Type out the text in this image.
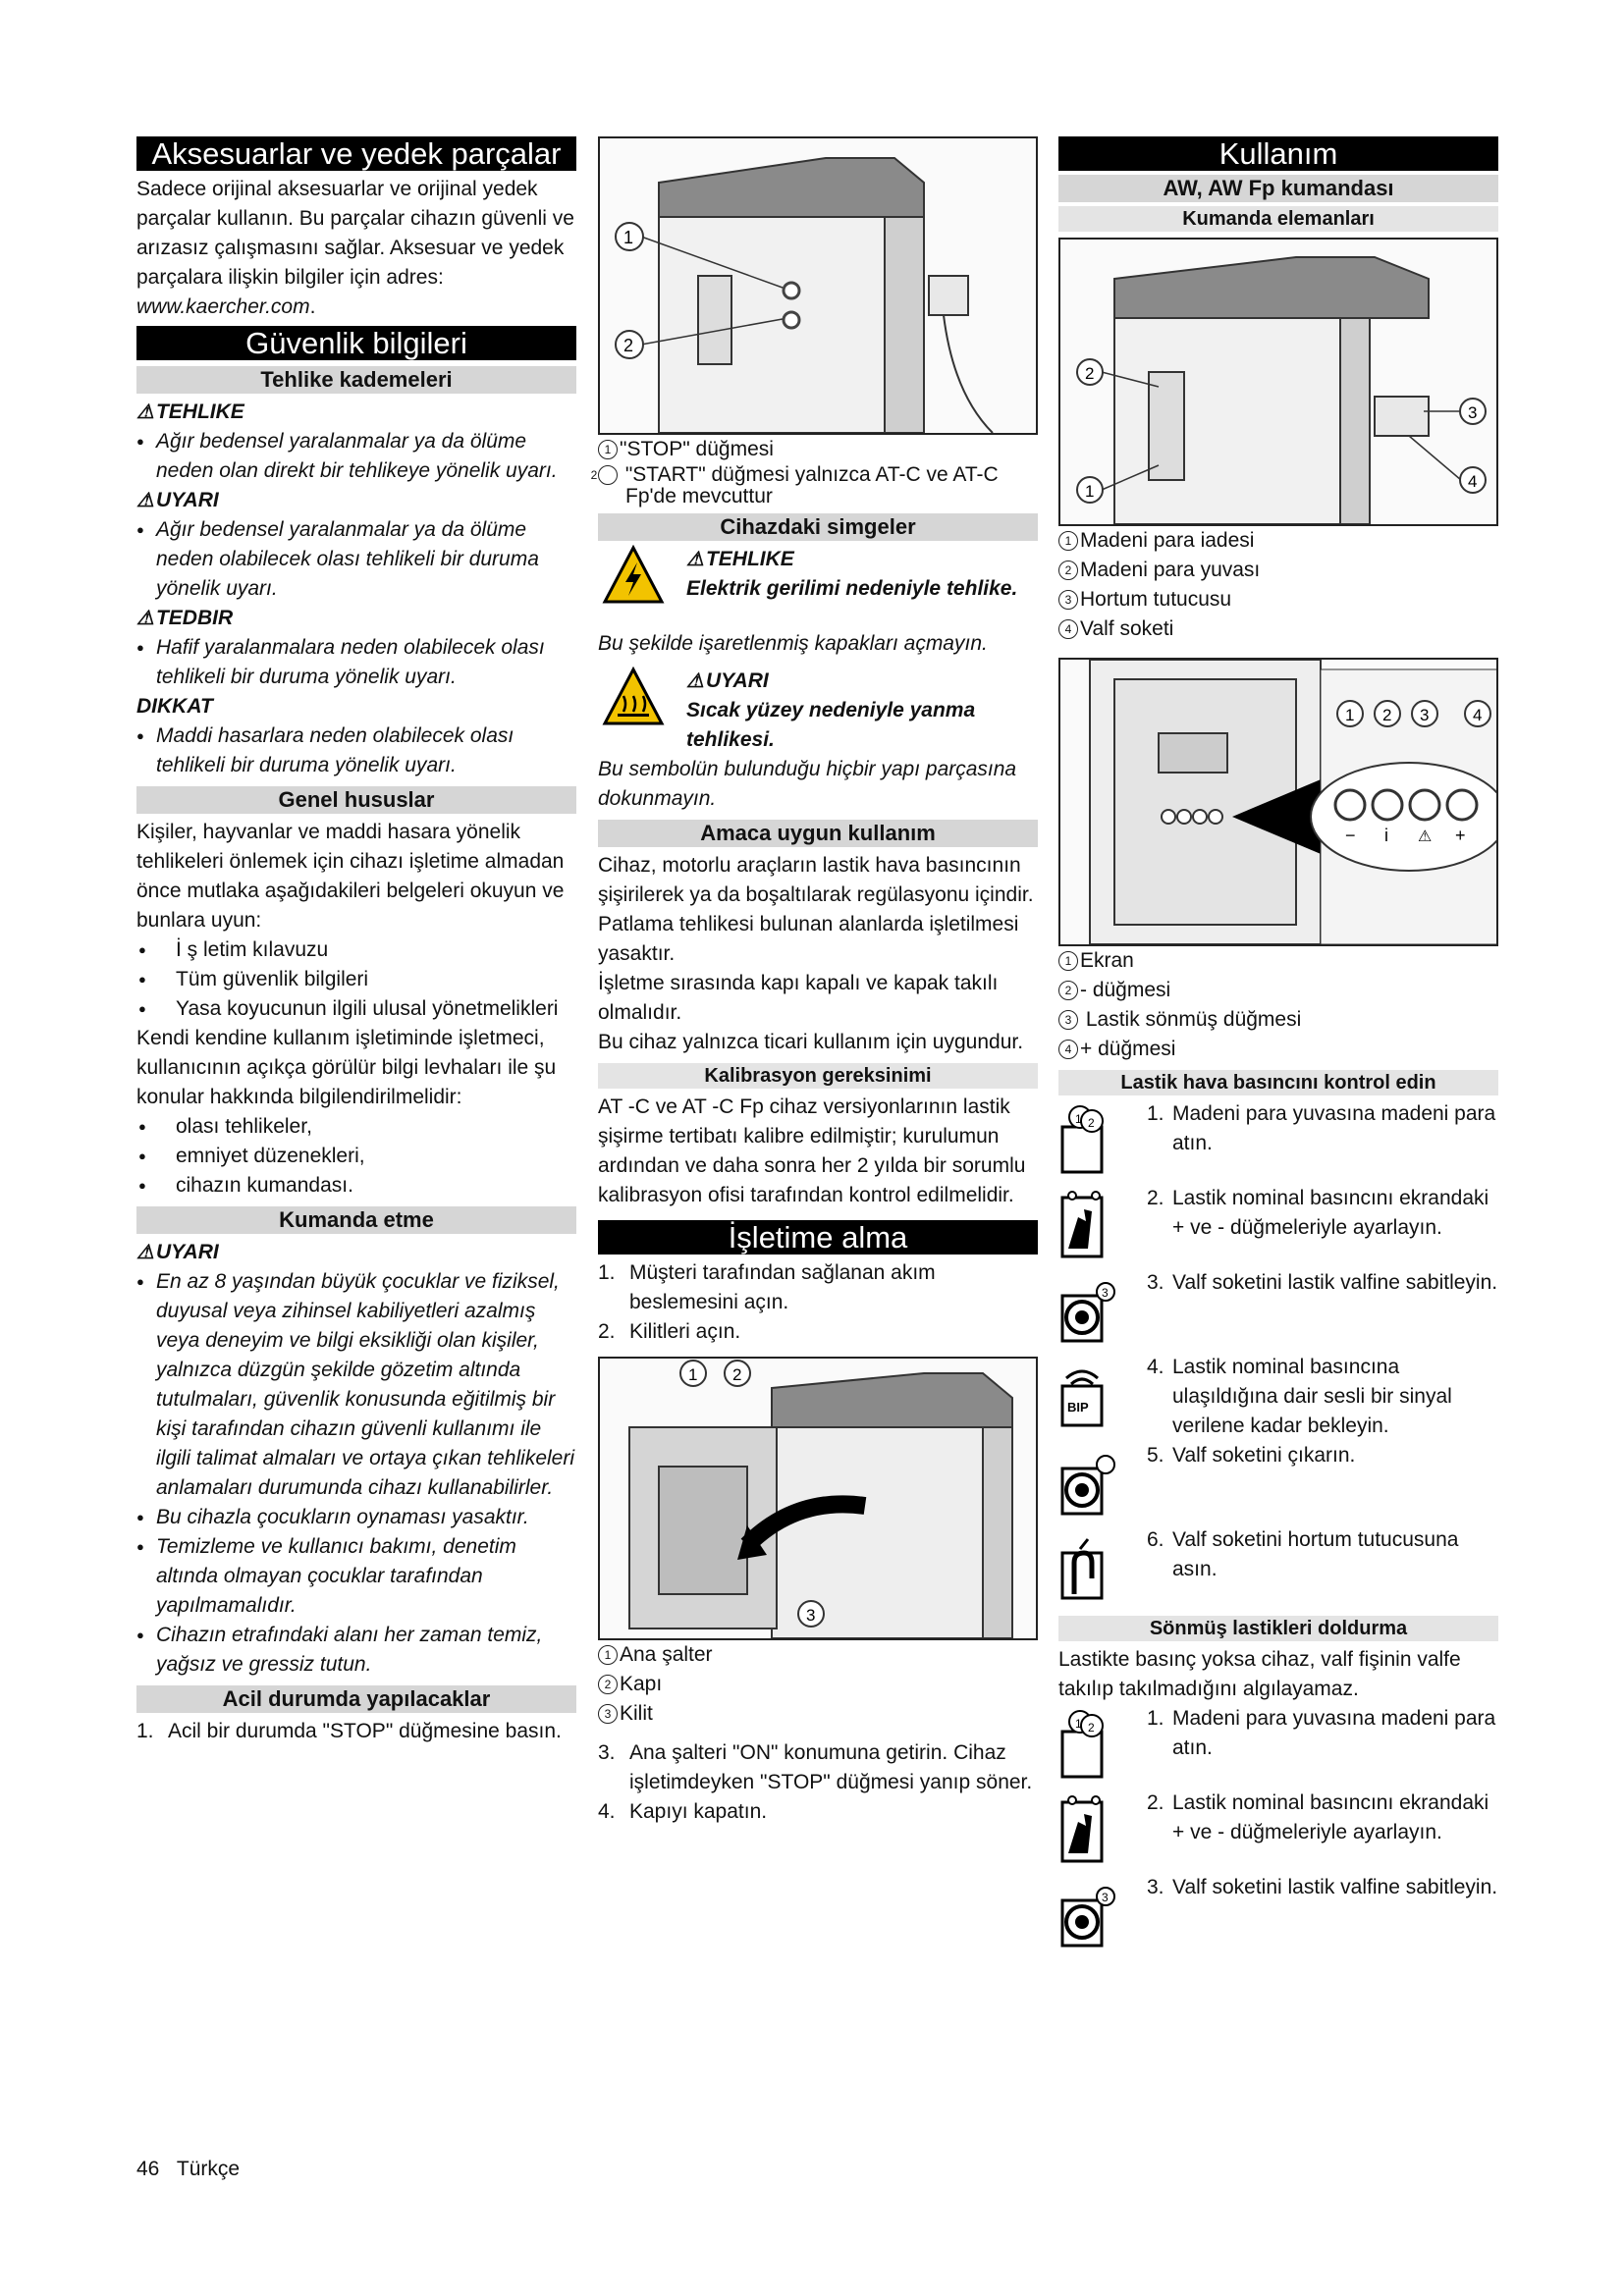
Aksesuarlar ve yedek parçalar

Sadece orijinal aksesuarlar ve orijinal yedek parçalar kullanın. Bu parçalar cihazın güvenli ve arızasız çalışmasını sağlar. Aksesuar ve yedek parçalara ilişkin bilgiler için adres: www.kaercher.com.

Güvenlik bilgileri
Tehlike kademeleri

⚠TEHLIKE

● Ağır bedensel yaralanmalar ya da ölüme neden olan direkt bir tehlikeye yönelik uyarı.

⚠UYARI

● Ağır bedensel yaralanmalar ya da ölüme neden olabilecek olası tehlikeli bir duruma yönelik uyarı.

⚠TEDBIR

● Hafif yaralanmalara neden olabilecek olası tehlikeli bir duruma yönelik uyarı.

DIKKAT

● Maddi hasarlara neden olabilecek olası tehlikeli bir duruma yönelik uyarı.

Genel hususlar

Kişiler, hayvanlar ve maddi hasara yönelik tehlikeleri önlemek için cihazı işletime almadan önce mutlaka aşağıdakileri belgeleri okuyun ve bunlara uyun:

● İ ş letim kılavuzu

● Tüm güvenlik bilgileri

● Yasa koyucunun ilgili ulusal yönetmelikleri

Kendi kendine kullanım işletiminde işletmeci, kullanıcının açıkça görülür bilgi levhaları ile şu konular hakkında bilgilendirilmelidir:

● olası tehlikeler,

● emniyet düzenekleri,

● cihazın kumandası.

Kumanda etme

⚠UYARI

● En az 8 yaşından büyük çocuklar ve fiziksel, duyusal veya zihinsel kabiliyetleri azalmış veya deneyim ve bilgi eksikliği olan kişiler, yalnızca düzgün şekilde gözetim altında tutulmaları, güvenlik konusunda eğitilmiş bir kişi tarafından cihazın güvenli kullanımı ile ilgili talimat almaları ve ortaya çıkan tehlikeleri anlamaları durumunda cihazı kullanabilirler.

● Bu cihazla çocukların oynaması yasaktır.

● Temizleme ve kullanıcı bakımı, denetim altında olmayan çocuklar tarafından yapılmamalıdır.

● Cihazın etrafındaki alanı her zaman temiz, yağsız ve gressiz tutun.

Acil durumda yapılacaklar

1. Acil bir durumda "STOP" düğmesine basın.

1
2

1 "STOP" düğmesi

2 "START" düğmesi yalnızca AT-C ve AT-C Fp'de mevcuttur

Cihazdaki simgeler

⚠TEHLIKE

Elektrik gerilimi nedeniyle tehlike.

Bu şekilde işaretlenmiş kapakları açmayın.

⚠UYARI

Sıcak yüzey nedeniyle yanma tehlikesi.

Bu sembolün bulunduğu hiçbir yapı parçasına dokunmayın.

Amaca uygun kullanım

Cihaz, motorlu araçların lastik hava basıncının şişirilerek ya da boşaltılarak regülasyonu içindir.

Patlama tehlikesi bulunan alanlarda işletilmesi yasaktır.

İşletme sırasında kapı kapalı ve kapak takılı olmalıdır.

Bu cihaz yalnızca ticari kullanım için uygundur.

Kalibrasyon gereksinimi

AT -C ve AT -C Fp cihaz versiyonlarının lastik şişirme tertibatı kalibre edilmiştir; kurulumun ardından ve daha sonra her 2 yılda bir sorumlu kalibrasyon ofisi tarafından kontrol edilmelidir.

İşletime alma

1. Müşteri tarafından sağlanan akım beslemesini açın.

2. Kilitleri açın.

1 2
3

1 Ana şalter

2 Kapı

3 Kilit

3. Ana şalteri "ON" konumuna getirin. Cihaz işletimdeyken "STOP" düğmesi yanıp söner.

4. Kapıyı kapatın.

Kullanım
AW, AW Fp kumandası
Kumanda elemanları
2
1
3
4

1 Madeni para iadesi

2 Madeni para yuvası

3 Hortum tutucusu

4 Valf soketi

1 2 3	4
− i ⚠ +

1 Ekran

2 - düğmesi

3 Lastik sönmüş düğmesi

4 + düğmesi

Lastik hava basıncını kontrol edin
1 2	1. Madeni para yuvasına madeni para atın.

2. Lastik nominal basıncını ekrandaki + ve - düğmeleriyle ayarlayın.

3 3. Valf soketini lastik valfine sabitleyin.

BIP

4. Lastik nominal basıncına ulaşıldığına dair sesli bir sinyal verilene kadar bekleyin.

5. Valf soketini çıkarın.

6. Valf soketini hortum tutucusuna asın.

Sönmüş lastikleri doldurma

Lastikte basınç yoksa cihaz, valf fişinin valfe takılıp takılmadığını algılayamaz.

1 2	1. Madeni para yuvasına madeni para atın.

2. Lastik nominal basıncını ekrandaki + ve - düğmeleriyle ayarlayın.

3 3. Valf soketini lastik valfine sabitleyin.

46 Türkçe
